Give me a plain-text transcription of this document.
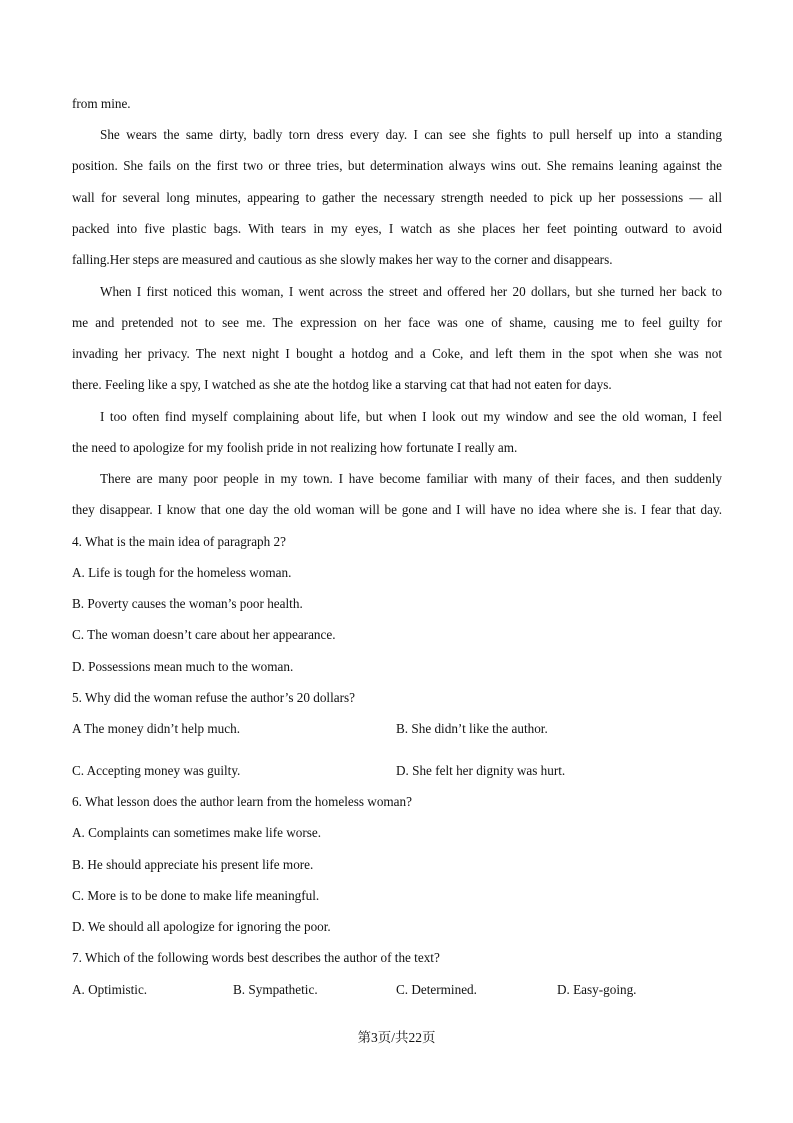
from mine.
She wears the same dirty, badly torn dress every day. I can see she fights to pull herself up into a standing
position. She fails on the first two or three tries, but determination always wins out. She remains leaning against the
wall for several long minutes, appearing to gather the necessary strength needed to pick up her possessions — all
packed into five plastic bags. With tears in my eyes, I watch as she places her feet pointing outward to avoid
falling.Her steps are measured and cautious as she slowly makes her way to the corner and disappears.
When I first noticed this woman, I went across the street and offered her 20 dollars, but she turned her back to
me and pretended not to see me. The expression on her face was one of shame, causing me to feel guilty for
invading her privacy. The next night I bought a hotdog and a Coke, and left them in the spot when she was not
there. Feeling like a spy, I watched as she ate the hotdog like a starving cat that had not eaten for days.
I too often find myself complaining about life, but when I look out my window and see the old woman, I feel
the need to apologize for my foolish pride in not realizing how fortunate I really am.
There are many poor people in my town. I have become familiar with many of their faces, and then suddenly
they disappear. I know that one day the old woman will be gone and I will have no idea where she is. I fear that day.
4. What is the main idea of paragraph 2?
A. Life is tough for the homeless woman.
B. Poverty causes the woman’s poor health.
C. The woman doesn’t care about her appearance.
D. Possessions mean much to the woman.
5. Why did the woman refuse the author’s 20 dollars?
A The money didn’t help much.	B. She didn’t like the author.
C. Accepting money was guilty.	D. She felt her dignity was hurt.
6. What lesson does the author learn from the homeless woman?
A. Complaints can sometimes make life worse.
B. He should appreciate his present life more.
C. More is to be done to make life meaningful.
D. We should all apologize for ignoring the poor.
7. Which of the following words best describes the author of the text?
A. Optimistic.	B. Sympathetic.	C. Determined.	D. Easy-going.
第3页/共22页
